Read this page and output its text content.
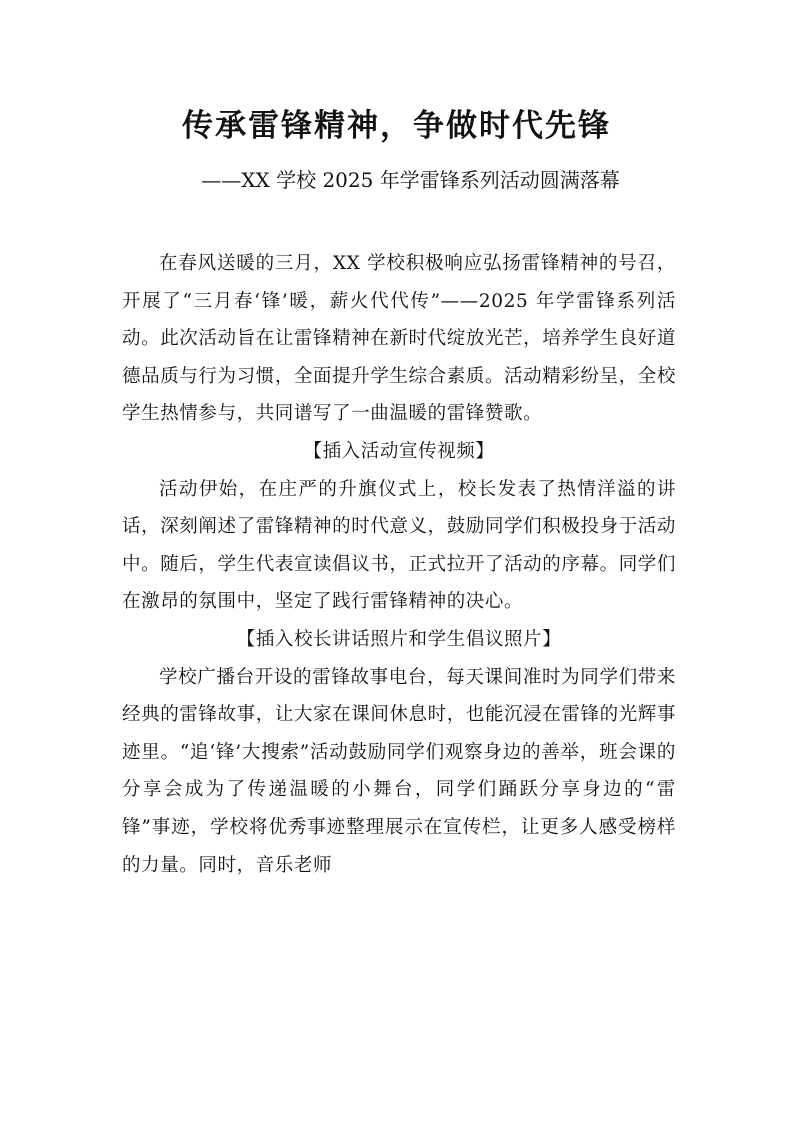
传承雷锋精神，争做时代先锋
——XX 学校 2025 年学雷锋系列活动圆满落幕

在春风送暖的三月，XX 学校积极响应弘扬雷锋精神的号召，开展了“三月春‘锋’暖，薪火代代传”——2025 年学雷锋系列活动。此次活动旨在让雷锋精神在新时代绽放光芒，培养学生良好道德品质与行为习惯，全面提升学生综合素质。活动精彩纷呈，全校学生热情参与，共同谱写了一曲温暖的雷锋赞歌。

【插入活动宣传视频】

活动伊始，在庄严的升旗仪式上，校长发表了热情洋溢的讲话，深刻阐述了雷锋精神的时代意义，鼓励同学们积极投身于活动中。随后，学生代表宣读倡议书，正式拉开了活动的序幕。同学们在激昂的氛围中，坚定了践行雷锋精神的决心。

【插入校长讲话照片和学生倡议照片】

学校广播台开设的雷锋故事电台，每天课间准时为同学们带来经典的雷锋故事，让大家在课间休息时，也能沉浸在雷锋的光辉事迹里。“追‘锋’大搜索”活动鼓励同学们观察身边的善举，班会课的分享会成为了传递温暖的小舞台，同学们踊跃分享身边的“雷锋”事迹，学校将优秀事迹整理展示在宣传栏，让更多人感受榜样的力量。同时，音乐老师
